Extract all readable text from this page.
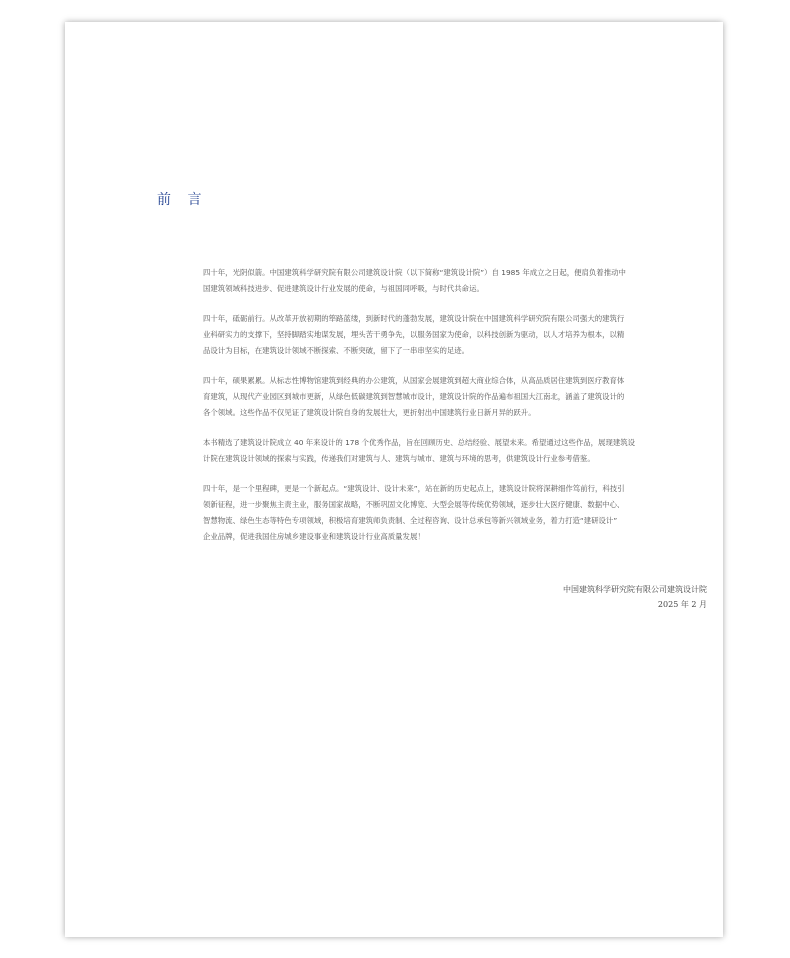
前 言
四十年，光阴似箭。中国建筑科学研究院有限公司建筑设计院（以下简称“建筑设计院”）自 1985 年成立之日起，便肩负着推动中
国建筑领域科技进步、促进建筑设计行业发展的使命，与祖国同呼吸，与时代共命运。
四十年，砥砺前行。从改革开放初期的筚路蓝缕，到新时代的蓬勃发展，建筑设计院在中国建筑科学研究院有限公司强大的建筑行
业科研实力的支撑下，坚持脚踏实地谋发展，埋头苦干勇争先，以服务国家为使命，以科技创新为驱动，以人才培养为根本，以精
品设计为目标，在建筑设计领域不断探索、不断突破，留下了一串串坚实的足迹。
四十年，硕果累累。从标志性博物馆建筑到经典的办公建筑，从国家会展建筑到超大商业综合体，从高品质居住建筑到医疗教育体
育建筑，从现代产业园区到城市更新，从绿色低碳建筑到智慧城市设计，建筑设计院的作品遍布祖国大江南北，涵盖了建筑设计的
各个领域。这些作品不仅见证了建筑设计院自身的发展壮大，更折射出中国建筑行业日新月异的跃升。
本书精选了建筑设计院成立 40 年来设计的 178 个优秀作品，旨在回顾历史、总结经验、展望未来。希望通过这些作品，展现建筑设
计院在建筑设计领域的探索与实践，传递我们对建筑与人、建筑与城市、建筑与环境的思考，供建筑设计行业参考借鉴。
四十年，是一个里程碑，更是一个新起点。“建筑设计、设计未来”，站在新的历史起点上，建筑设计院将深耕细作笃前行，科技引
领新征程，进一步聚焦主责主业，服务国家战略，不断巩固文化博览、大型会展等传统优势领域，逐步壮大医疗健康、数据中心、
智慧物流、绿色生态等特色专项领域，积极培育建筑师负责制、全过程咨询、设计总承包等新兴领域业务，着力打造“建研设计”
企业品牌，促进我国住房城乡建设事业和建筑设计行业高质量发展！
中国建筑科学研究院有限公司建筑设计院
2025 年 2 月
